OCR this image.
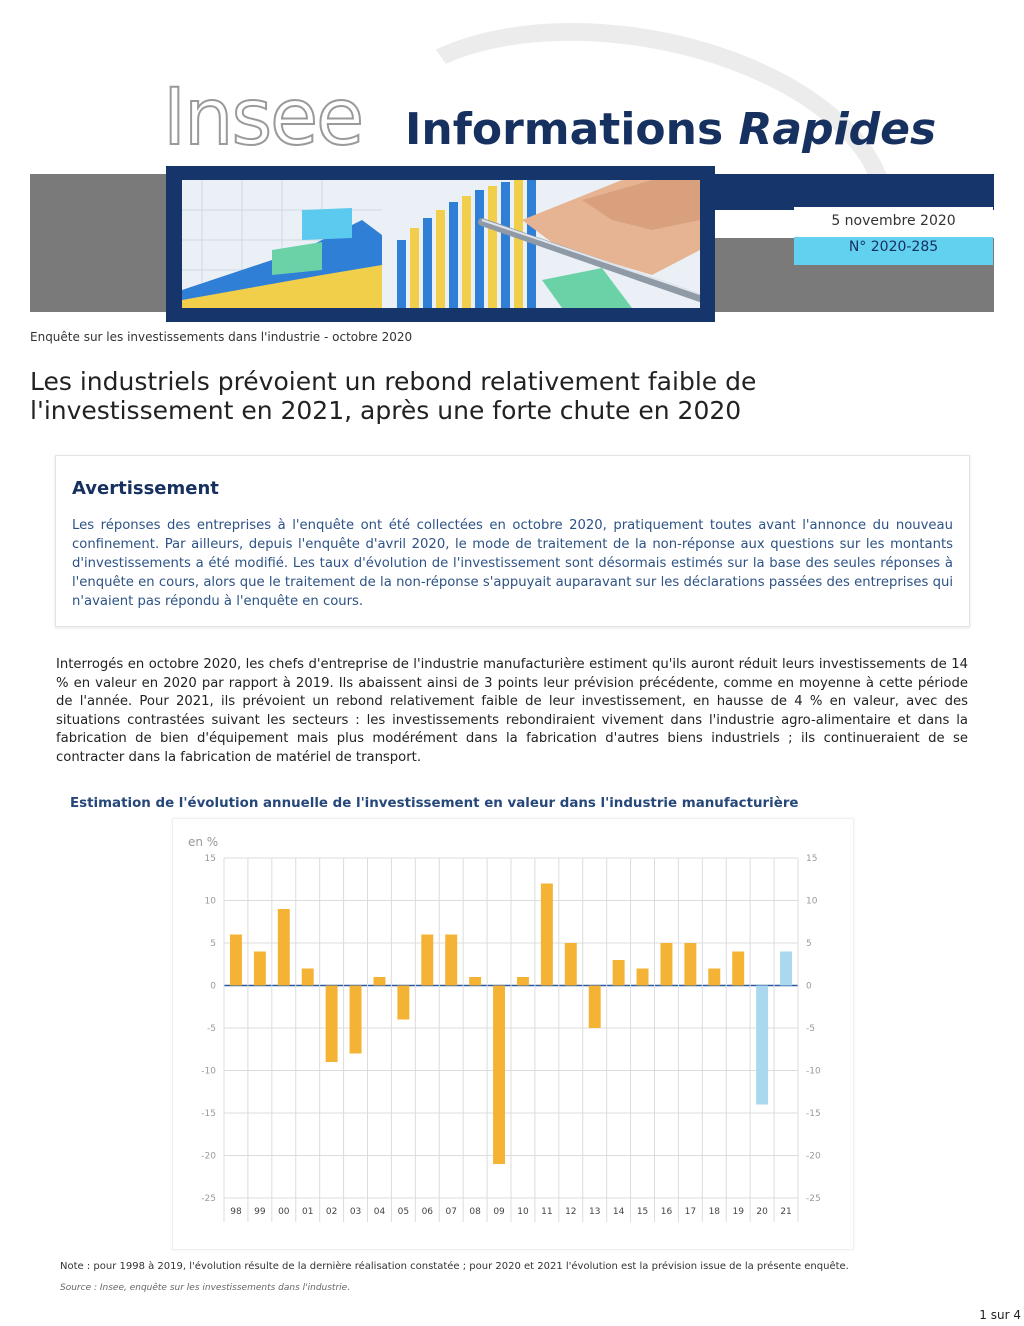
Insee Informations Rapides
5 novembre 2020
N° 2020-285
Enquête sur les investissements dans l'industrie - octobre 2020
Les industriels prévoient un rebond relativement faible de l'investissement en 2021, après une forte chute en 2020
Avertissement
Les réponses des entreprises à l'enquête ont été collectées en octobre 2020, pratiquement toutes avant l'annonce du nouveau confinement. Par ailleurs, depuis l'enquête d'avril 2020, le mode de traitement de la non-réponse aux questions sur les montants d'investissements a été modifié. Les taux d'évolution de l'investissement sont désormais estimés sur la base des seules réponses à l'enquête en cours, alors que le traitement de la non-réponse s'appuyait auparavant sur les déclarations passées des entreprises qui n'avaient pas répondu à l'enquête en cours.
Interrogés en octobre 2020, les chefs d'entreprise de l'industrie manufacturière estiment qu'ils auront réduit leurs investissements de 14 % en valeur en 2020 par rapport à 2019. Ils abaissent ainsi de 3 points leur prévision précédente, comme en moyenne à cette période de l'année. Pour 2021, ils prévoient un rebond relativement faible de leur investissement, en hausse de 4 % en valeur, avec des situations contrastées suivant les secteurs : les investissements rebondiraient vivement dans l'industrie agro-alimentaire et dans la fabrication de bien d'équipement mais plus modérément dans la fabrication d'autres biens industriels ; ils continueraient de se contracter dans la fabrication de matériel de transport.
Estimation de l'évolution annuelle de l'investissement en valeur dans l'industrie manufacturière
en %
15	15
10	10
5	5
0	0
-5	-5
-10	-10
-15	-15
-20	-20
-25	-25
98 99 00 01 02 03 04 05 06 07 08 09 10 11 12 13 14 15 16 17 18 19 20 21
Note : pour 1998 à 2019, l'évolution résulte de la dernière réalisation constatée ; pour 2020 et 2021 l'évolution est la prévision issue de la présente enquête.
Source : Insee, enquête sur les investissements dans l'industrie.
1 sur 4
